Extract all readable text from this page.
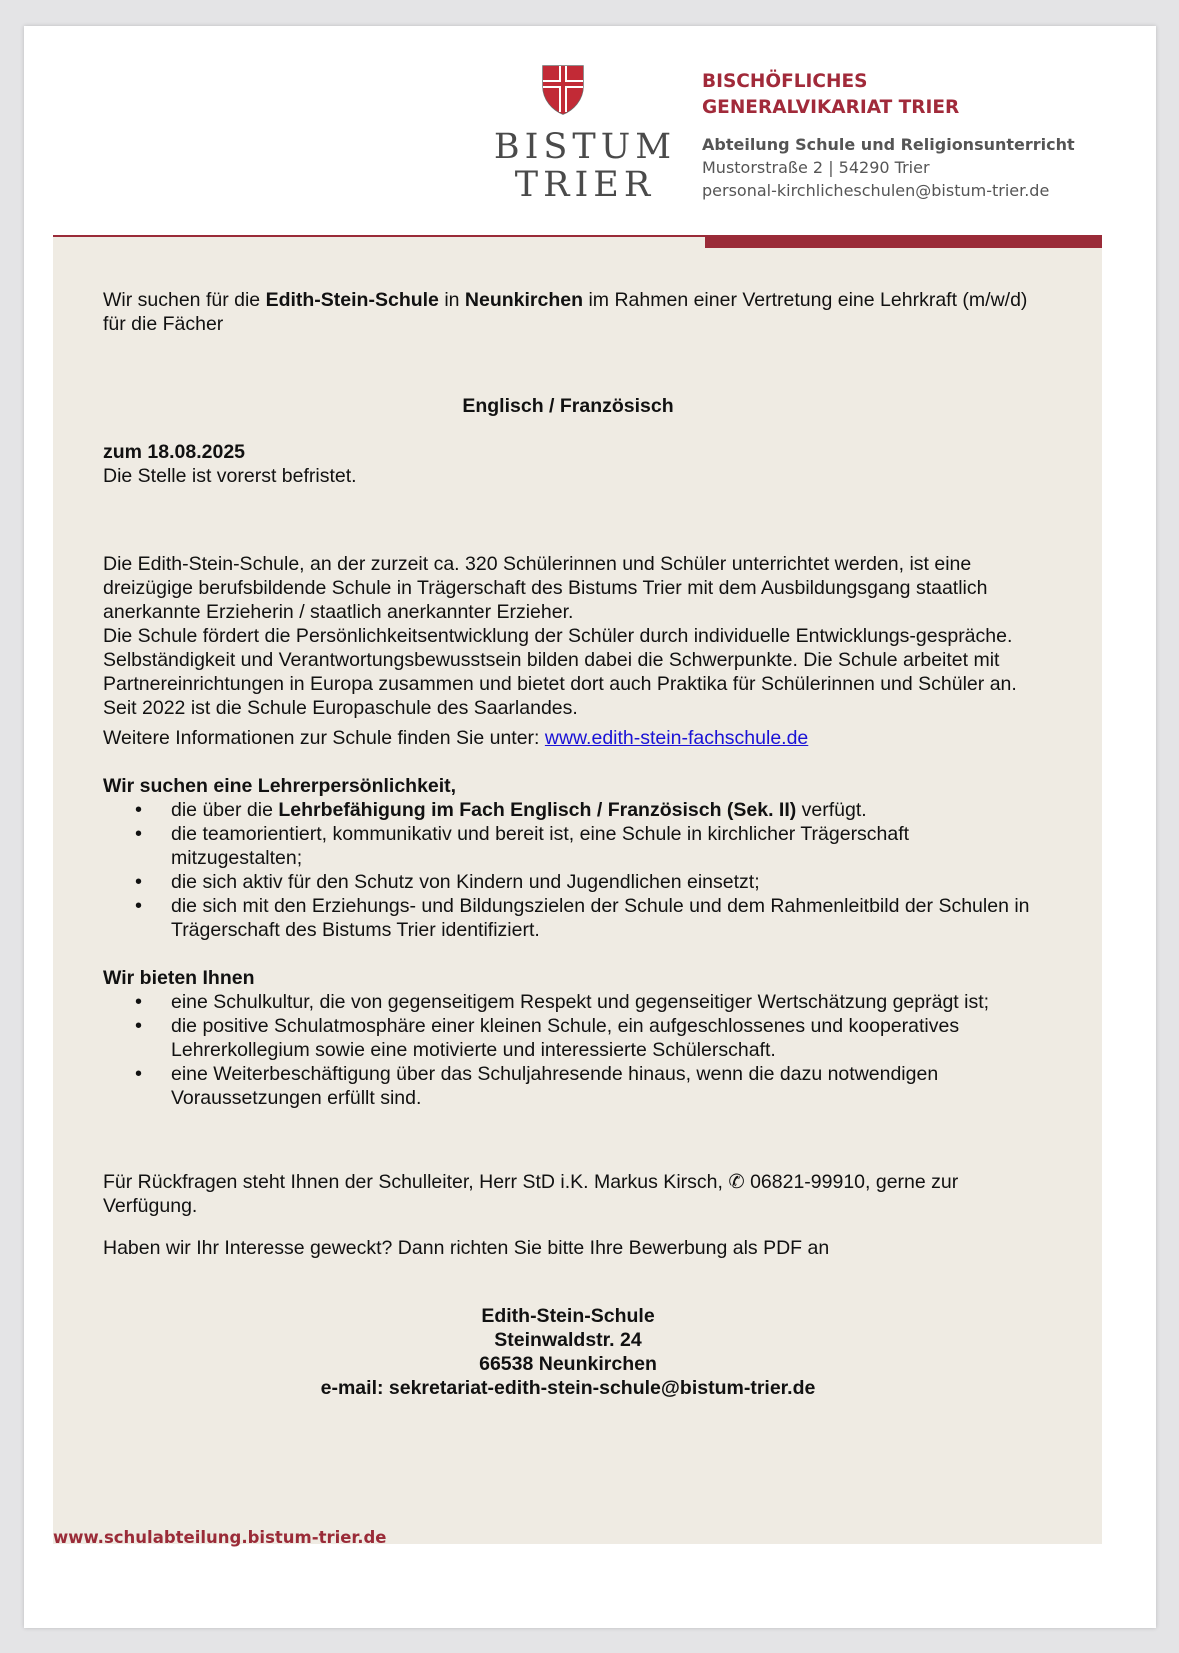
BISTUM
TRIER
BISCHÖFLICHES
GENERALVIKARIAT TRIER
Abteilung Schule und Religionsunterricht
Mustorstraße 2 | 54290 Trier
personal-kirchlicheschulen@bistum-trier.de

Wir suchen für die Edith-Stein-Schule in Neunkirchen im Rahmen einer Vertretung eine Lehrkraft (m/w/d) für die Fächer

Englisch / Französisch

zum 18.08.2025

Die Stelle ist vorerst befristet.

Die Edith-Stein-Schule, an der zurzeit ca. 320 Schülerinnen und Schüler unterrichtet werden, ist eine dreizügige berufsbildende Schule in Trägerschaft des Bistums Trier mit dem Ausbildungsgang staatlich anerkannte Erzieherin / staatlich anerkannter Erzieher.

Die Schule fördert die Persönlichkeitsentwicklung der Schüler durch individuelle Entwicklungs-gespräche. Selbständigkeit und Verantwortungsbewusstsein bilden dabei die Schwerpunkte. Die Schule arbeitet mit Partnereinrichtungen in Europa zusammen und bietet dort auch Praktika für Schülerinnen und Schüler an. Seit 2022 ist die Schule Europaschule des Saarlandes.

Weitere Informationen zur Schule finden Sie unter: www.edith-stein-fachschule.de

Wir suchen eine Lehrerpersönlichkeit,

• die über die Lehrbefähigung im Fach Englisch / Französisch (Sek. II) verfügt.
• die teamorientiert, kommunikativ und bereit ist, eine Schule in kirchlicher Trägerschaft mitzugestalten;
• die sich aktiv für den Schutz von Kindern und Jugendlichen einsetzt;
• die sich mit den Erziehungs- und Bildungszielen der Schule und dem Rahmenleitbild der Schulen in Trägerschaft des Bistums Trier identifiziert.

Wir bieten Ihnen

• eine Schulkultur, die von gegenseitigem Respekt und gegenseitiger Wertschätzung geprägt ist;
• die positive Schulatmosphäre einer kleinen Schule, ein aufgeschlossenes und kooperatives Lehrerkollegium sowie eine motivierte und interessierte Schülerschaft.
• eine Weiterbeschäftigung über das Schuljahresende hinaus, wenn die dazu notwendigen Voraussetzungen erfüllt sind.

Für Rückfragen steht Ihnen der Schulleiter, Herr StD i.K. Markus Kirsch, ✆ 06821-99910, gerne zur Verfügung.

Haben wir Ihr Interesse geweckt? Dann richten Sie bitte Ihre Bewerbung als PDF an

Edith-Stein-Schule

Steinwaldstr. 24

66538 Neunkirchen

e-mail: sekretariat-edith-stein-schule@bistum-trier.de

www.schulabteilung.bistum-trier.de
